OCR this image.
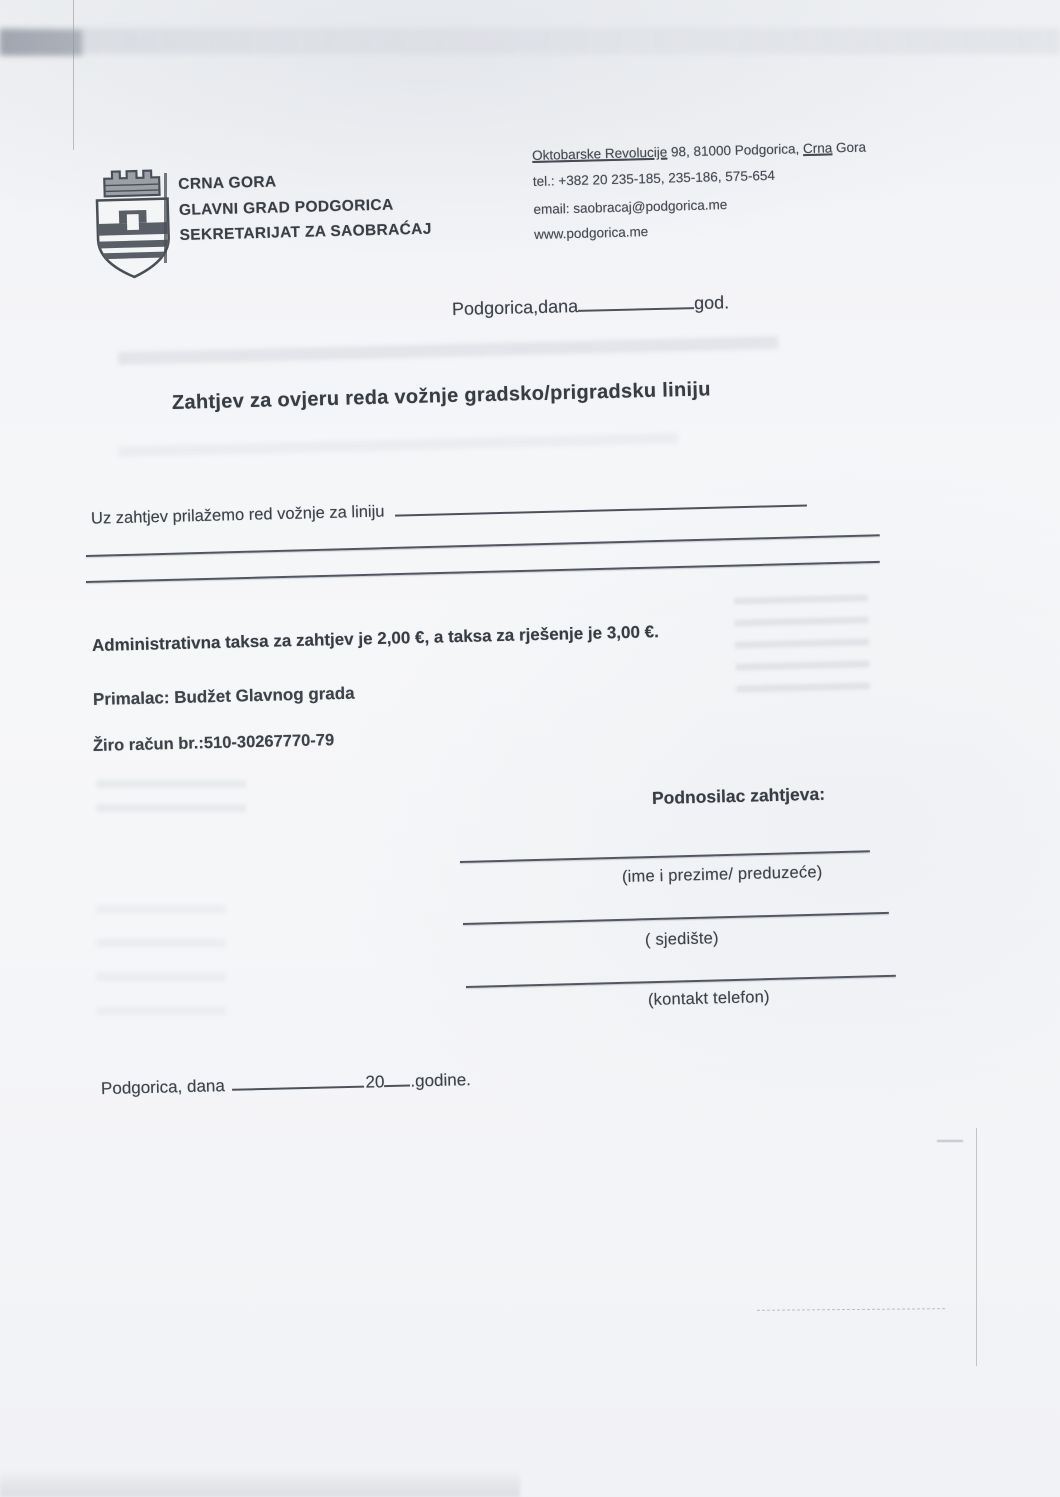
CRNA GORA
GLAVNI GRAD PODGORICA
SEKRETARIJAT ZA SAOBRAĆAJ
Oktobarske Revolucije 98, 81000 Podgorica, Crna Gora
tel.: +382 20 235-185, 235-186, 575-654
email: saobracaj@podgorica.me
www.podgorica.me
Podgorica,dana	god.
Zahtjev za ovjeru reda vožnje gradsko/prigradsku liniju
Uz zahtjev prilažemo red vožnje za liniju
Administrativna taksa za zahtjev je 2,00 €, a taksa za rješenje je 3,00 €.
Primalac: Budžet Glavnog grada
Žiro račun br.:510-30267770-79
Podnosilac zahtjeva:
(ime i prezime/ preduzeće)
( sjedište)
(kontakt telefon)
Podgorica, dana	20 .godine.
